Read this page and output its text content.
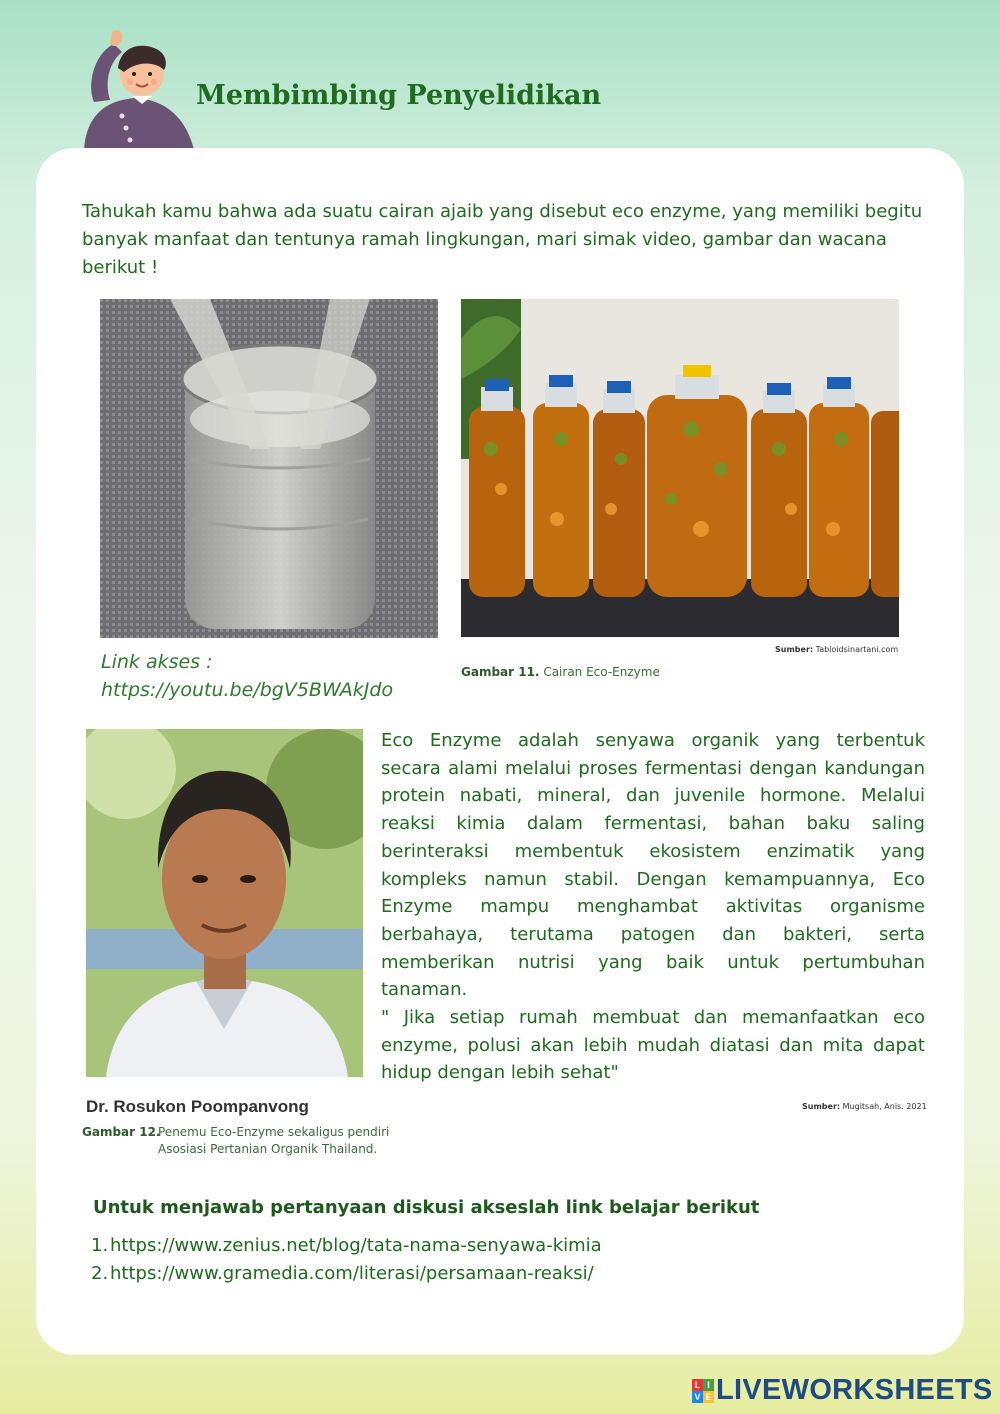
Membimbing Penyelidikan

Tahukah kamu bahwa ada suatu cairan ajaib yang disebut eco enzyme, yang memiliki begitu banyak manfaat dan tentunya ramah lingkungan, mari simak video, gambar dan wacana berikut !

Sumber: Tabloidsinartani.com
Link akses :
https://youtu.be/bgV5BWAkJdo
Gambar 11. Cairan Eco-Enzyme

Eco Enzyme adalah senyawa organik yang terbentuk secara alami melalui proses fermentasi dengan kandungan protein nabati, mineral, dan juvenile hormone. Melalui reaksi kimia dalam fermentasi, bahan baku saling berinteraksi membentuk ekosistem enzimatik yang kompleks namun stabil. Dengan kemampuannya, Eco Enzyme mampu menghambat aktivitas organisme berbahaya, terutama patogen dan bakteri, serta memberikan nutrisi yang baik untuk pertumbuhan tanaman.
" Jika setiap rumah membuat dan memanfaatkan eco enzyme, polusi akan lebih mudah diatasi dan mita dapat hidup dengan lebih sehat"

Sumber: Mugitsah, Anis. 2021
Dr. Rosukon Poompanvong
Gambar 12.
Penemu Eco-Enzyme sekaligus pendiri Asosiasi Pertanian Organik Thailand.
Untuk menjawab pertanyaan diskusi akseslah link belajar berikut
1. https://www.zenius.net/blog/tata-nama-senyawa-kimia
2. https://www.gramedia.com/literasi/persamaan-reaksi/
L I
V E LIVEWORKSHEETS
